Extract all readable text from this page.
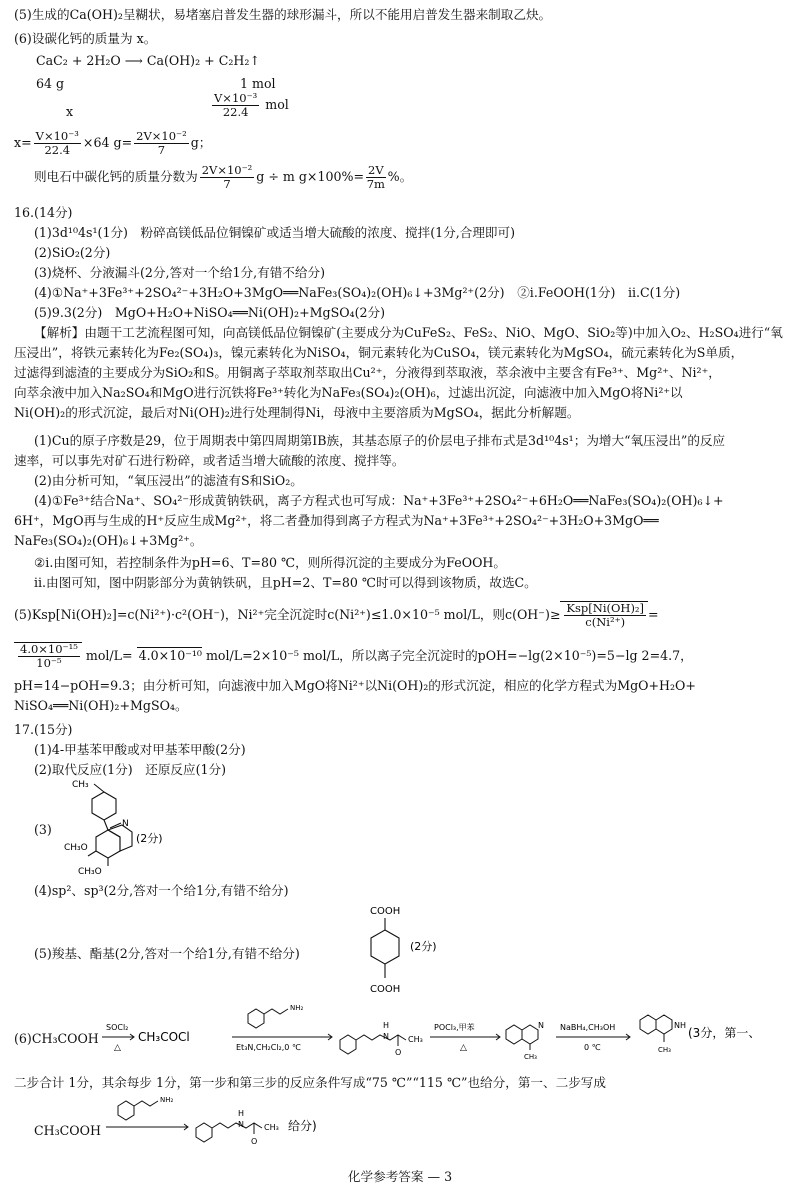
(5)生成的Ca(OH)₂呈糊状，易堵塞启普发生器的球形漏斗，所以不能用启普发生器来制取乙炔。
(6)设碳化钙的质量为 x。
CaC₂ + 2H₂O ⟶ Ca(OH)₂ + C₂H₂↑
64 g	1 mol
x	$\frac{\text{V×10⁻³}}{22.4}$ mol
$x= \frac{\text{V×10⁻³}}{22.4} \times 64$ $g= \frac{\text{2V×10⁻²}}{7}$ g；
则电石中碳化钙的质量分数为 $\frac{\text{2V×10⁻²}}{7}$ g ÷ m $g\times 100\%= \frac{2V}{7m}$ %。
16.(14分)
(1)3d¹⁰4s¹(1分)　粉碎高镁低品位铜镍矿或适当增大硫酸的浓度、搅拌(1分,合理即可)
(2)SiO₂(2分)
(3)烧杯、分液漏斗(2分,答对一个给1分,有错不给分)
(4)①Na⁺+3Fe³⁺+2SO₄²⁻+3H₂O+3MgO══NaFe₃(SO₄)₂(OH)₆↓+3Mg²⁺(2分)　②ⅰ.FeOOH(1分)　ⅱ.C(1分)
(5)9.3(2分)　MgO+H₂O+NiSO₄══Ni(OH)₂+MgSO₄(2分)
【解析】由题干工艺流程图可知，向高镁低品位铜镍矿(主要成分为CuFeS₂、FeS₂、NiO、MgO、SiO₂等)中加入O₂、H₂SO₄进行“氧
压浸出”，将铁元素转化为Fe₂(SO₄)₃，镍元素转化为NiSO₄，铜元素转化为CuSO₄，镁元素转化为MgSO₄，硫元素转化为S单质，
过滤得到滤渣的主要成分为SiO₂和S。用铜离子萃取剂萃取出Cu²⁺，分液得到萃取液，萃余液中主要含有Fe³⁺、Mg²⁺、Ni²⁺，
向萃余液中加入Na₂SO₄和MgO进行沉铁将Fe³⁺转化为NaFe₃(SO₄)₂(OH)₆，过滤出沉淀，向滤液中加入MgO将Ni²⁺以
Ni(OH)₂的形式沉淀，最后对Ni(OH)₂进行处理制得Ni，母液中主要溶质为MgSO₄，据此分析解题。
(1)Cu的原子序数是29，位于周期表中第四周期第ⅠB族，其基态原子的价层电子排布式是3d¹⁰4s¹；为增大“氧压浸出”的反应
速率，可以事先对矿石进行粉碎，或者适当增大硫酸的浓度、搅拌等。
(2)由分析可知，“氧压浸出”的滤渣有S和SiO₂。
(4)①Fe³⁺结合Na⁺、SO₄²⁻形成黄钠铁矾，离子方程式也可写成：Na⁺+3Fe³⁺+2SO₄²⁻+6H₂O══NaFe₃(SO₄)₂(OH)₆↓+
6H⁺，MgO再与生成的H⁺反应生成Mg²⁺，将二者叠加得到离子方程式为Na⁺+3Fe³⁺+2SO₄²⁻+3H₂O+3MgO══
NaFe₃(SO₄)₂(OH)₆↓+3Mg²⁺。
②ⅰ.由图可知，若控制条件为pH=6、T=80 ℃，则所得沉淀的主要成分为FeOOH。
ⅱ.由图可知，图中阴影部分为黄钠铁矾，且pH=2、T=80 ℃时可以得到该物质，故选C。
(5)Ksp[Ni(OH)₂]=c(Ni²⁺)·c²(OH⁻)，Ni²⁺完全沉淀时c(Ni²⁺)≤1.0×10⁻⁵ mol/L，则$c(OH^-)\ge \frac{\text{Ksp[Ni(OH)₂]}}{\text{c(Ni²⁺)}}$ =
$\frac{\text{4.0×10⁻¹⁵}}{\text{10⁻⁵}} mol/L= 4.0\times 10^{-10}$ mol/L=2×10⁻⁵ mol/L，所以离子完全沉淀时的pOH=−lg(2×10⁻⁵)=5−lg 2=4.7，
pH=14−pOH=9.3；由分析可知，向滤液中加入MgO将Ni²⁺以Ni(OH)₂的形式沉淀，相应的化学方程式为MgO+H₂O+
NiSO₄══Ni(OH)₂+MgSO₄。
17.(15分)
(1)4-甲基苯甲酸或对甲基苯甲酸(2分)
(2)取代反应(1分)　还原反应(1分)
(3)
CH₃
N
CH₃O
CH₃O
(2分)
(4)sp²、sp³(2分,答对一个给1分,有错不给分)
(5)羧基、酯基(2分,答对一个给1分,有错不给分)
COOH
COOH
(2分)
(6)CH₃COOH
SOCl₂
△
CH₃COCl
NH₂
Et₃N,CH₂Cl₂,0 ℃
H
N CH₃
O
POCl₃,甲苯
△
N
CH₃
NaBH₄,CH₃OH
0 ℃
NH
CH₃
(3分，第一、
二步合计 1分，其余每步 1分，第一步和第三步的反应条件写成“75 ℃”“115 ℃”也给分，第一、二步写成
CH₃COOH
NH₂
H
N	CH₃
O
给分)
化学参考答案 — 3
